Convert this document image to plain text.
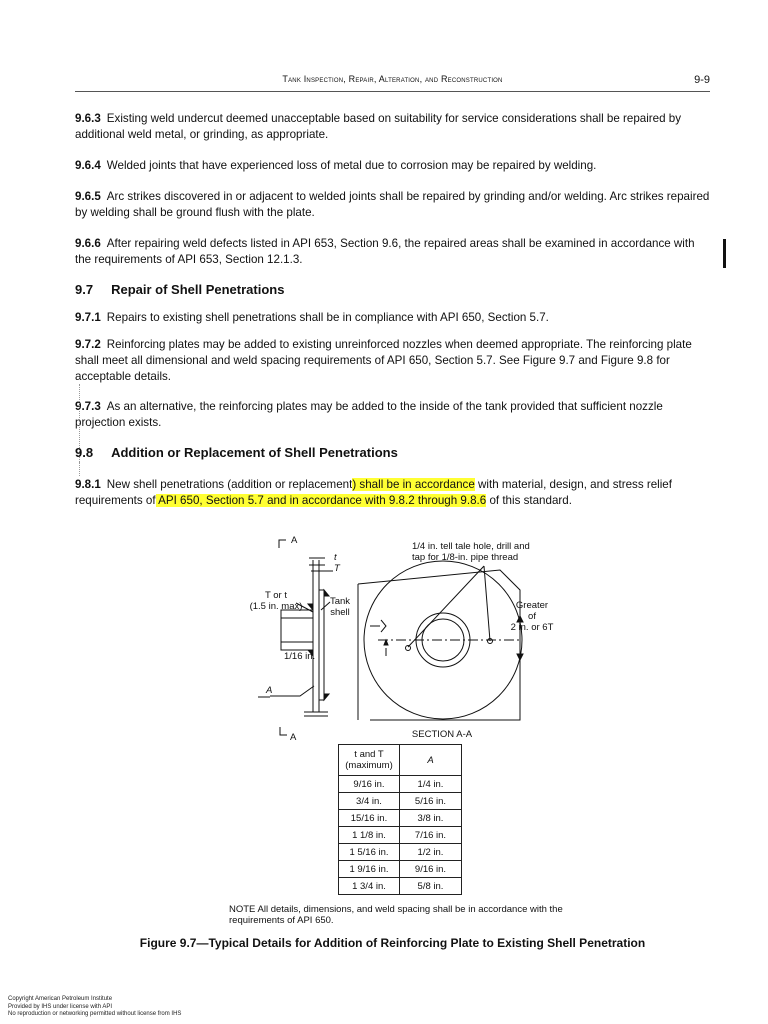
Tank Inspection, Repair, Alteration, and Reconstruction	9-9

9.6.3 Existing weld undercut deemed unacceptable based on suitability for service considerations shall be repaired by additional weld metal, or grinding, as appropriate.

9.6.4 Welded joints that have experienced loss of metal due to corrosion may be repaired by welding.

9.6.5 Arc strikes discovered in or adjacent to welded joints shall be repaired by grinding and/or welding. Arc strikes repaired by welding shall be ground flush with the plate.

9.6.6 After repairing weld defects listed in API 653, Section 9.6, the repaired areas shall be examined in accordance with the requirements of API 653, Section 12.1.3.

9.7 Repair of Shell Penetrations

9.7.1 Repairs to existing shell penetrations shall be in compliance with API 650, Section 5.7.

9.7.2 Reinforcing plates may be added to existing unreinforced nozzles when deemed appropriate. The reinforcing plate shall meet all dimensional and weld spacing requirements of API 650, Section 5.7. See Figure 9.7 and Figure 9.8 for acceptable details.

9.7.3 As an alternative, the reinforcing plates may be added to the inside of the tank provided that sufficient nozzle projection exists.

9.8 Addition or Replacement of Shell Penetrations

9.8.1 New shell penetrations (addition or replacement) shall be in accordance with material, design, and stress relief requirements of API 650, Section 5.7 and in accordance with 9.8.2 through 9.8.6 of this standard.

A
A
t
T
T or t
(1.5 in. max)	Tank
shell
1/16 in.
A
1/4 in. tell tale hole, drill and
tap for 1/8-in. pipe thread
Greater
of
2 in. or 6T
SECTION A-A
t and T
(maximum)	A
9/16 in.	1/4 in.
3/4 in.	5/16 in.
15/16 in.	3/8 in.
1 1/8 in.	7/16 in.
1 5/16 in.	1/2 in.
1 9/16 in.	9/16 in.
1 3/4 in.	5/8 in.
NOTE All details, dimensions, and weld spacing shall be in accordance with the requirements of API 650.
Figure 9.7—Typical Details for Addition of Reinforcing Plate to Existing Shell Penetration
Copyright American Petroleum Institute
Provided by IHS under license with API
No reproduction or networking permitted without license from IHS
